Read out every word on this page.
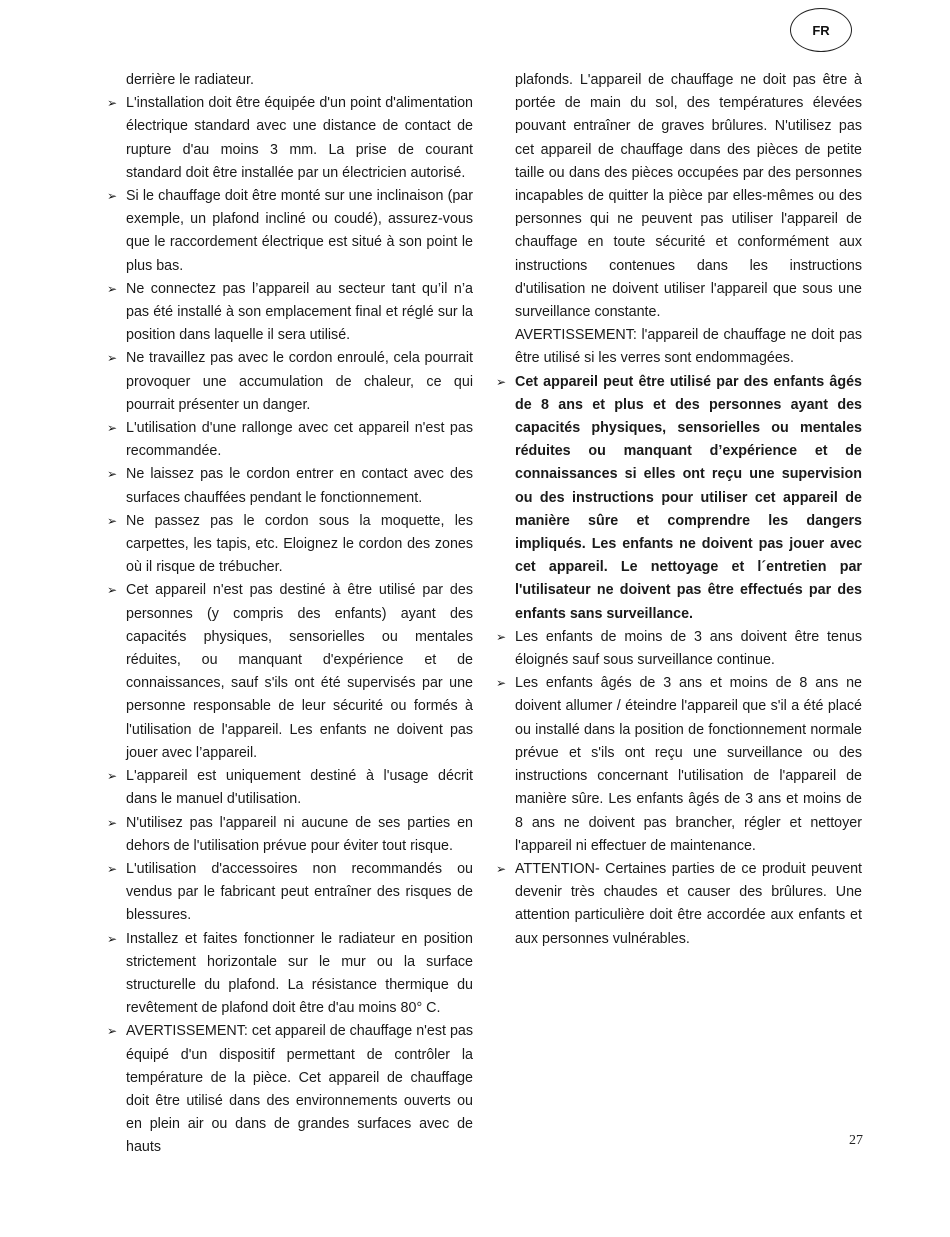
FR

derrière le radiateur.

➢ L'installation doit être équipée d'un point d'alimentation électrique standard avec une distance de contact de rupture d'au moins 3 mm. La prise de courant standard doit être installée par un électricien autorisé.

➢ Si le chauffage doit être monté sur une inclinaison (par exemple, un plafond incliné ou coudé), assurez-vous que le raccordement électrique est situé à son point le plus bas.

➢ Ne connectez pas l’appareil au secteur tant qu’il n’a pas été installé à son emplacement final et réglé sur la position dans laquelle il sera utilisé.

➢ Ne travaillez pas avec le cordon enroulé, cela pourrait provoquer une accumulation de chaleur, ce qui pourrait présenter un danger.

➢ L'utilisation d'une rallonge avec cet appareil n'est pas recommandée.

➢ Ne laissez pas le cordon entrer en contact avec des surfaces chauffées pendant le fonctionnement.

➢ Ne passez pas le cordon sous la moquette, les carpettes, les tapis, etc. Eloignez le cordon des zones où il risque de trébucher.

➢ Cet appareil n'est pas destiné à être utilisé par des personnes (y compris des enfants) ayant des capacités physiques, sensorielles ou mentales réduites, ou manquant d'expérience et de connaissances, sauf s'ils ont été supervisés par une personne responsable de leur sécurité ou formés à l'utilisation de l'appareil. Les enfants ne doivent pas jouer avec l’appareil.

➢ L'appareil est uniquement destiné à l'usage décrit dans le manuel d'utilisation.

➢ N'utilisez pas l'appareil ni aucune de ses parties en dehors de l'utilisation prévue pour éviter tout risque.

➢ L'utilisation d'accessoires non recommandés ou vendus par le fabricant peut entraîner des risques de blessures.

➢ Installez et faites fonctionner le radiateur en position strictement horizontale sur le mur ou la surface structurelle du plafond. La résistance thermique du revêtement de plafond doit être d'au moins 80° C.

➢ AVERTISSEMENT: cet appareil de chauffage n'est pas équipé d'un dispositif permettant de contrôler la température de la pièce. Cet appareil de chauffage doit être utilisé dans des environnements ouverts ou en plein air ou dans de grandes surfaces avec de hauts

plafonds. L'appareil de chauffage ne doit pas être à portée de main du sol, des températures élevées pouvant entraîner de graves brûlures. N'utilisez pas cet appareil de chauffage dans des pièces de petite taille ou dans des pièces occupées par des personnes incapables de quitter la pièce par elles-mêmes ou des personnes qui ne peuvent pas utiliser l'appareil de chauffage en toute sécurité et conformément aux instructions contenues dans les instructions d'utilisation ne doivent utiliser l'appareil que sous une surveillance constante.

AVERTISSEMENT: l'appareil de chauffage ne doit pas être utilisé si les verres sont endommagées.

➢ Cet appareil peut être utilisé par des enfants âgés de 8 ans et plus et des personnes ayant des capacités physiques, sensorielles ou mentales réduites ou manquant d’expérience et de connaissances si elles ont reçu une supervision ou des instructions pour utiliser cet appareil de manière sûre et comprendre les dangers impliqués. Les enfants ne doivent pas jouer avec cet appareil. Le nettoyage et l´entretien par l'utilisateur ne doivent pas être effectués par des enfants sans surveillance.

➢ Les enfants de moins de 3 ans doivent être tenus éloignés sauf sous surveillance continue.

➢ Les enfants âgés de 3 ans et moins de 8 ans ne doivent allumer / éteindre l'appareil que s'il a été placé ou installé dans la position de fonctionnement normale prévue et s'ils ont reçu une surveillance ou des instructions concernant l'utilisation de l'appareil de manière sûre. Les enfants âgés de 3 ans et moins de 8 ans ne doivent pas brancher, régler et nettoyer l'appareil ni effectuer de maintenance.

➢ ATTENTION- Certaines parties de ce produit peuvent devenir très chaudes et causer des brûlures. Une attention particulière doit être accordée aux enfants et aux personnes vulnérables.

27
